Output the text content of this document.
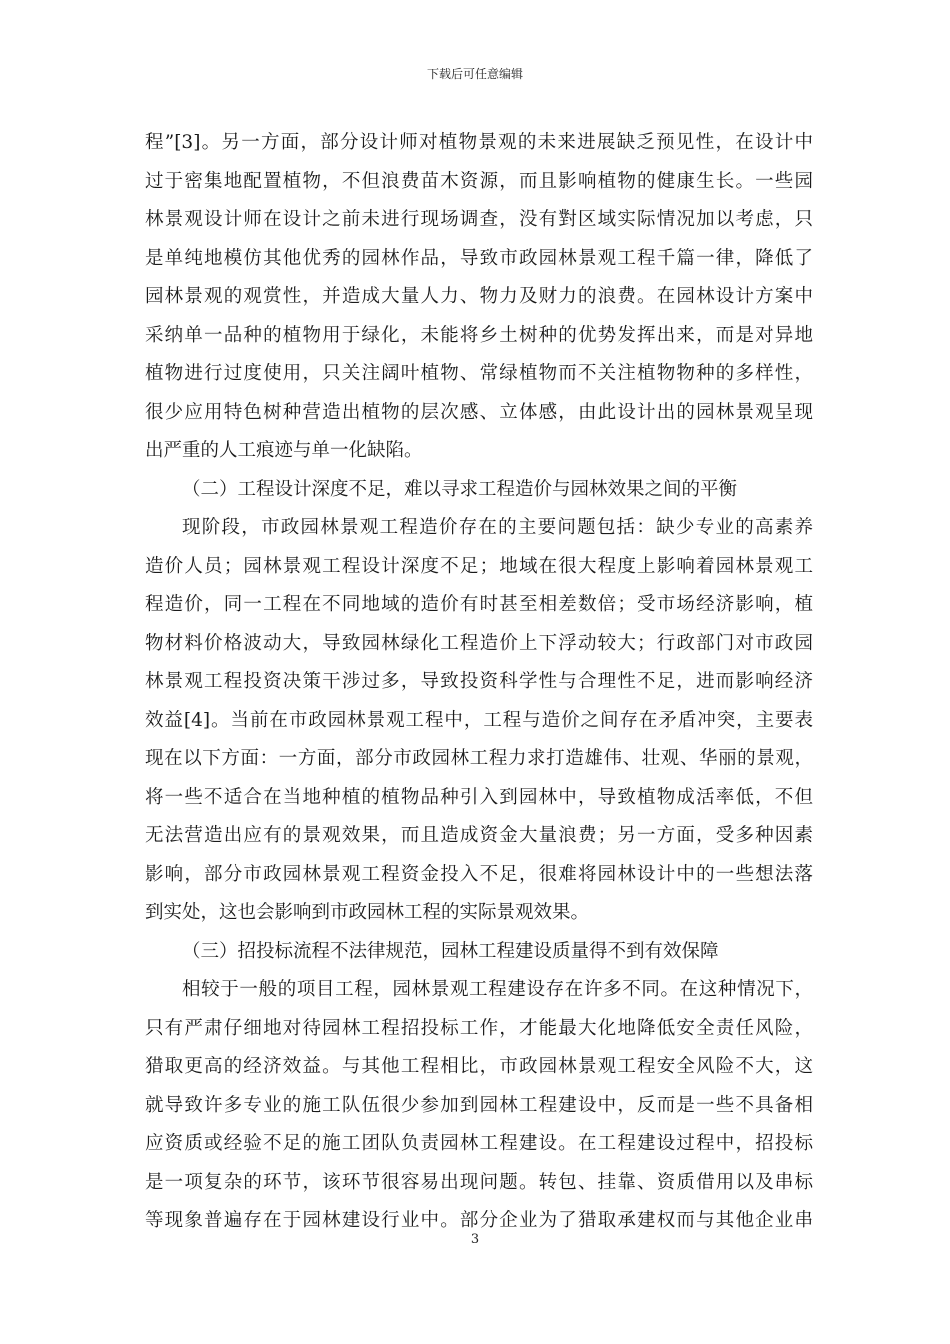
下载后可任意编辑
程”[3]。另一方面，部分设计师对植物景观的未来进展缺乏预见性，在设计中
过于密集地配置植物，不但浪费苗木资源，而且影响植物的健康生长。一些园
林景观设计师在设计之前未进行现场调查，没有對区域实际情况加以考虑，只
是单纯地模仿其他优秀的园林作品，导致市政园林景观工程千篇一律，降低了
园林景观的观赏性，并造成大量人力、物力及财力的浪费。在园林设计方案中
采纳单一品种的植物用于绿化，未能将乡土树种的优势发挥出来，而是对异地
植物进行过度使用，只关注阔叶植物、常绿植物而不关注植物物种的多样性，
很少应用特色树种营造出植物的层次感、立体感，由此设计出的园林景观呈现
出严重的人工痕迹与单一化缺陷。
（二）工程设计深度不足，难以寻求工程造价与园林效果之间的平衡
现阶段，市政园林景观工程造价存在的主要问题包括：缺少专业的高素养
造价人员；园林景观工程设计深度不足；地域在很大程度上影响着园林景观工
程造价，同一工程在不同地域的造价有时甚至相差数倍；受市场经济影响，植
物材料价格波动大，导致园林绿化工程造价上下浮动较大；行政部门对市政园
林景观工程投资决策干涉过多，导致投资科学性与合理性不足，进而影响经济
效益[4]。当前在市政园林景观工程中，工程与造价之间存在矛盾冲突，主要表
现在以下方面：一方面，部分市政园林工程力求打造雄伟、壮观、华丽的景观，
将一些不适合在当地种植的植物品种引入到园林中，导致植物成活率低，不但
无法营造出应有的景观效果，而且造成资金大量浪费；另一方面，受多种因素
影响，部分市政园林景观工程资金投入不足，很难将园林设计中的一些想法落
到实处，这也会影响到市政园林工程的实际景观效果。
（三）招投标流程不法律规范，园林工程建设质量得不到有效保障
相较于一般的项目工程，园林景观工程建设存在许多不同。在这种情况下，
只有严肃仔细地对待园林工程招投标工作，才能最大化地降低安全责任风险，
猎取更高的经济效益。与其他工程相比，市政园林景观工程安全风险不大，这
就导致许多专业的施工队伍很少参加到园林工程建设中，反而是一些不具备相
应资质或经验不足的施工团队负责园林工程建设。在工程建设过程中，招投标
是一项复杂的环节，该环节很容易出现问题。转包、挂靠、资质借用以及串标
等现象普遍存在于园林建设行业中。部分企业为了猎取承建权而与其他企业串
3
